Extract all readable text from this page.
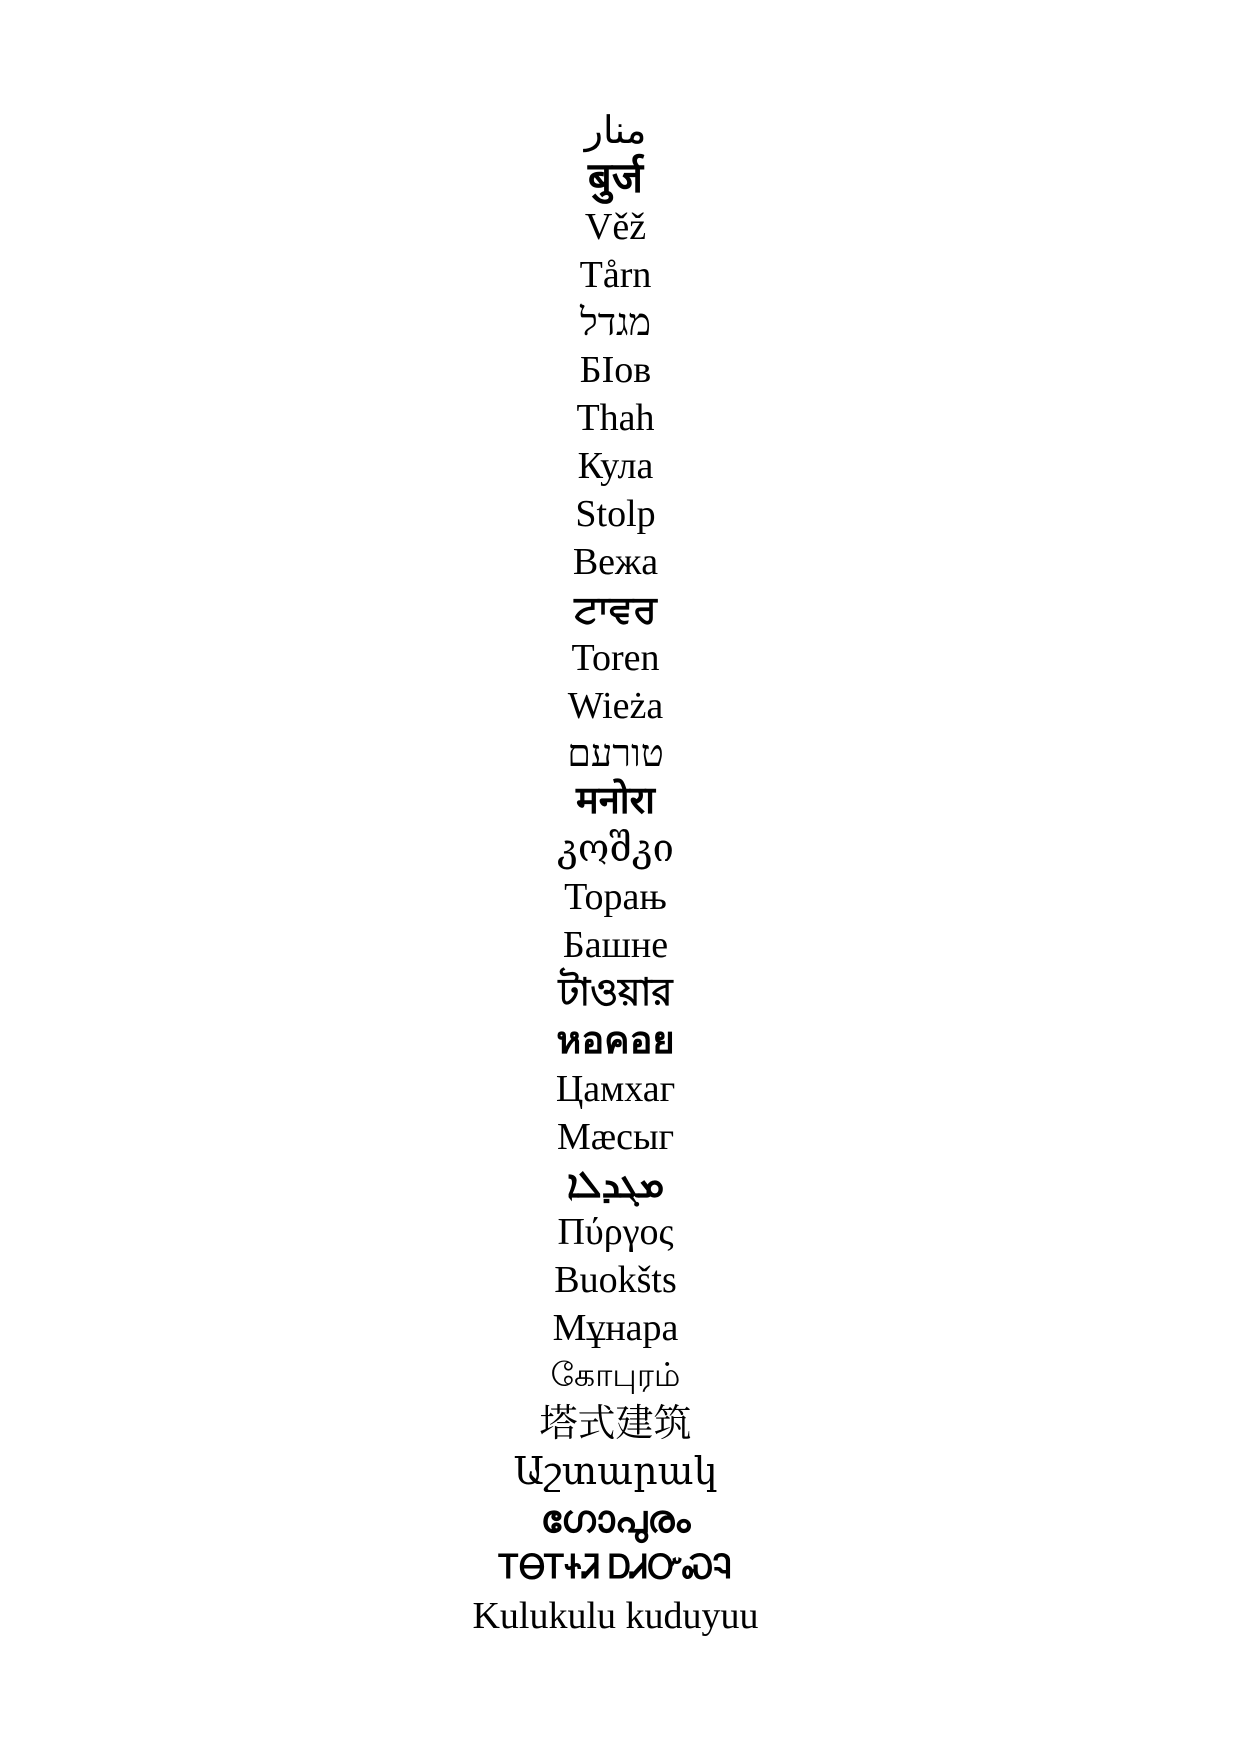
منار
बुर्ज
Věž
Tårn
מגדל
БӀов
Thah
Кула
Stolp
Вежа
ਟਾਵਰ
Toren
Wieża
טורעם
मनोरा
კოშკი
Торањ
Башне
টাওয়ার
หอคอย
Цамхаг
Мæсыг
ܡܓܕܠܐ
Πύργος
Buokšts
Мұнара
கோபுரம்
塔式建筑
Աշտարակ
ഗോപുരം
ᎢᎾᎢᏐᏘ ᎠᏗᏅᏍᎸ
Kulukulu kuduyuu
